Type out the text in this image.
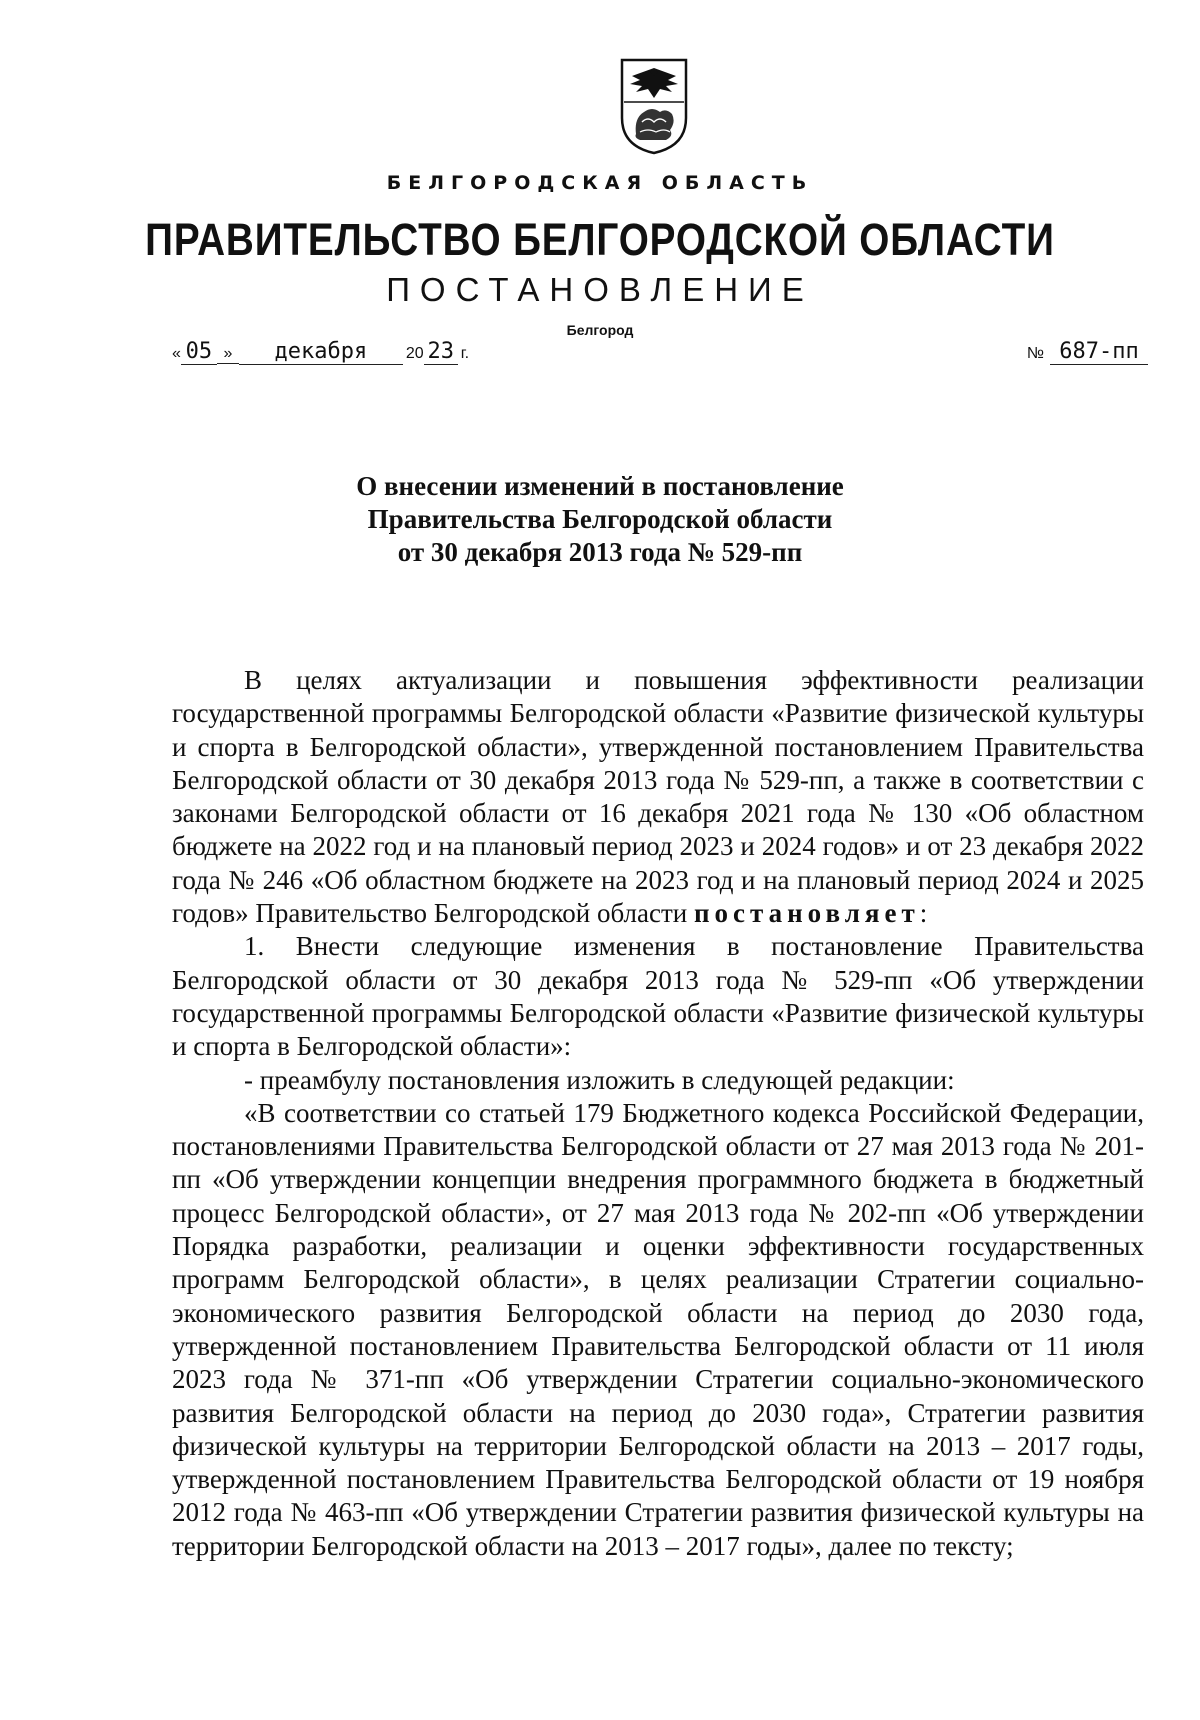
БЕЛГОРОДСКАЯ ОБЛАСТЬ
ПРАВИТЕЛЬСТВО БЕЛГОРОДСКОЙ ОБЛАСТИ
ПОСТАНОВЛЕНИЕ
Белгород
« 05 »	декабря	20 23 г.	№ 687-пп
О внесении изменений в постановление
Правительства Белгородской области
от 30 декабря 2013 года № 529-пп

В целях актуализации и повышения эффективности реализации государственной программы Белгородской области «Развитие физической культуры и спорта в Белгородской области», утвержденной постановлением Правительства Белгородской области от 30 декабря 2013 года № 529-пп, а также в соответствии с законами Белгородской области от 16 декабря 2021 года № 130 «Об областном бюджете на 2022 год и на плановый период 2023 и 2024 годов» и от 23 декабря 2022 года № 246 «Об областном бюджете на 2023 год и на плановый период 2024 и 2025 годов» Правительство Белгородской области постановляет:

1. Внести следующие изменения в постановление Правительства Белгородской области от 30 декабря 2013 года № 529-пп «Об утверждении государственной программы Белгородской области «Развитие физической культуры и спорта в Белгородской области»:

- преамбулу постановления изложить в следующей редакции:

«В соответствии со статьей 179 Бюджетного кодекса Российской Федерации, постановлениями Правительства Белгородской области от 27 мая 2013 года № 201-пп «Об утверждении концепции внедрения программного бюджета в бюджетный процесс Белгородской области», от 27 мая 2013 года № 202-пп «Об утверждении Порядка разработки, реализации и оценки эффективности государственных программ Белгородской области», в целях реализации Стратегии социально-экономического развития Белгородской области на период до 2030 года, утвержденной постановлением Правительства Белгородской области от 11 июля 2023 года № 371-пп «Об утверждении Стратегии социально-экономического развития Белгородской области на период до 2030 года», Стратегии развития физической культуры на территории Белгородской области на 2013 – 2017 годы, утвержденной постановлением Правительства Белгородской области от 19 ноября 2012 года № 463-пп «Об утверждении Стратегии развития физической культуры на территории Белгородской области на 2013 – 2017 годы», далее по тексту;
